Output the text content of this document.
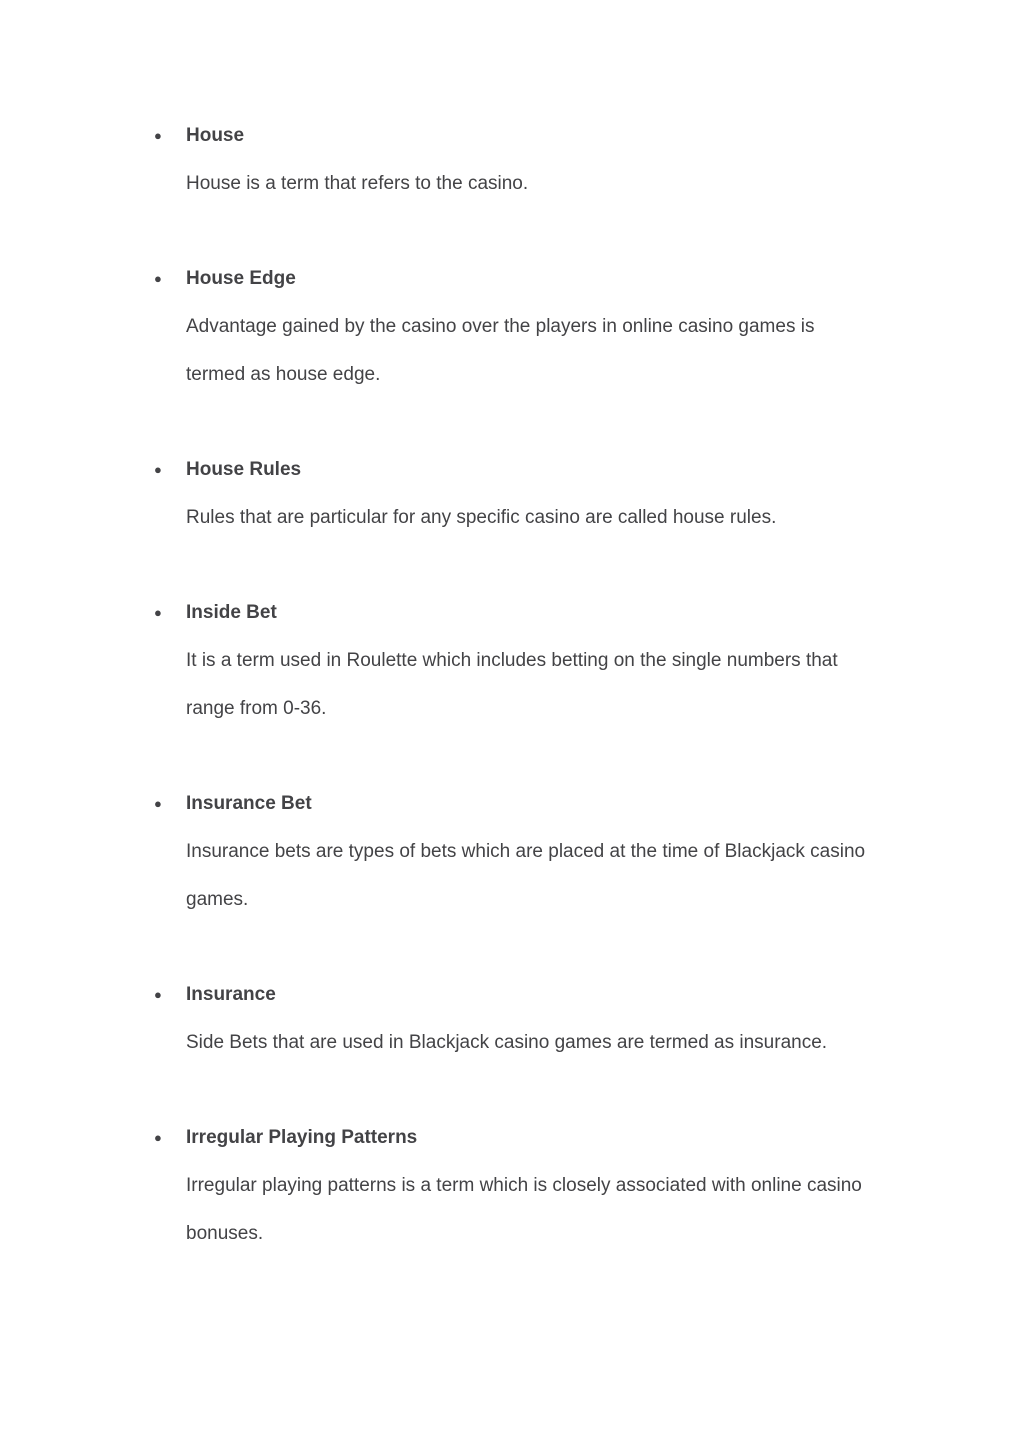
● House
House is a term that refers to the casino.
● House Edge
Advantage gained by the casino over the players in online casino games is termed as house edge.
● House Rules
Rules that are particular for any specific casino are called house rules.
● Inside Bet
It is a term used in Roulette which includes betting on the single numbers that range from 0-36.
● Insurance Bet
Insurance bets are types of bets which are placed at the time of Blackjack casino games.
● Insurance
Side Bets that are used in Blackjack casino games are termed as insurance.
● Irregular Playing Patterns
Irregular playing patterns is a term which is closely associated with online casino bonuses.
